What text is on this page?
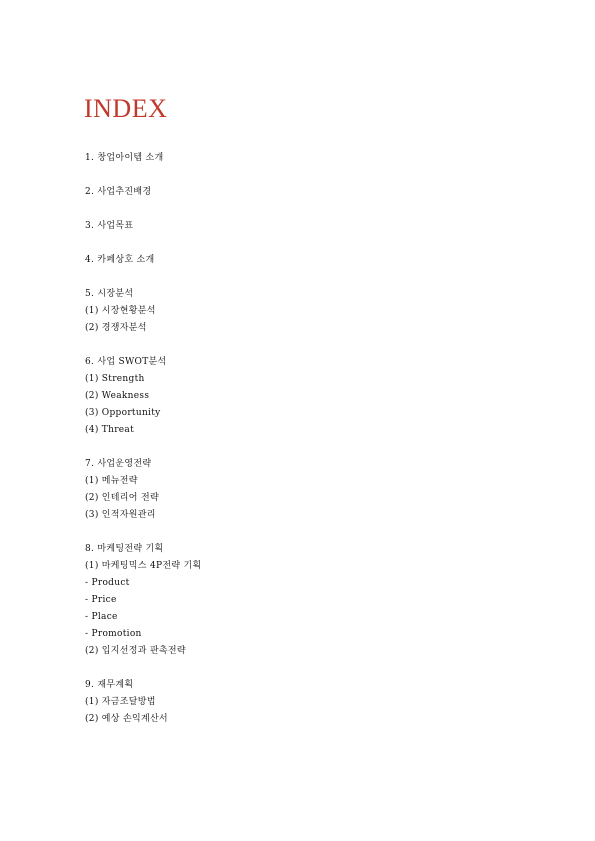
INDEX
1. 창업아이템 소개
2. 사업추진배경
3. 사업목표
4. 카페상호 소개
5. 시장분석
(1) 시장현황분석
(2) 경쟁자분석
6. 사업 SWOT분석
(1) Strength
(2) Weakness
(3) Opportunity
(4) Threat
7. 사업운영전략
(1) 메뉴전략
(2) 인테리어 전략
(3) 인적자원관리
8. 마케팅전략 기획
(1) 마케팅믹스 4P전략 기획
- Product
- Price
- Place
- Promotion
(2) 입지선정과 판촉전략
9. 재무계획
(1) 자금조달방법
(2) 예상 손익계산서
